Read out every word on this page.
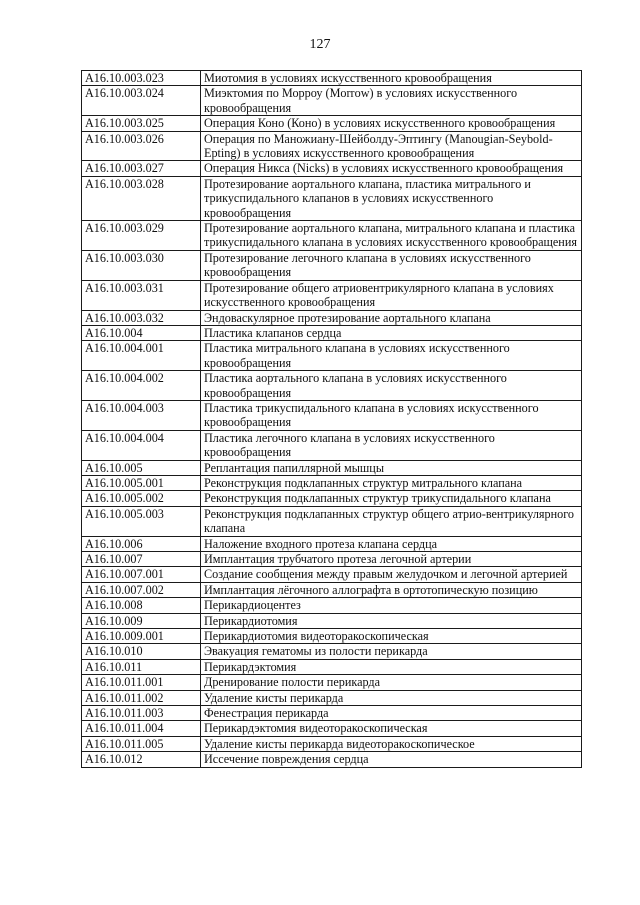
127
A16.10.003.023	Миотомия в условиях искусственного кровообращения
A16.10.003.024	Миэктомия по Морроу (Morrow) в условиях искусственного кровообращения
A16.10.003.025	Операция Коно (Коно) в условиях искусственного кровообращения
A16.10.003.026	Операция по Маножиану-Шейболду-Эптингу (Manougian-Seybold-Epting) в условиях искусственного кровообращения
A16.10.003.027	Операция Никса (Nicks) в условиях искусственного кровообращения
A16.10.003.028	Протезирование аортального клапана, пластика митрального и трикуспидального клапанов в условиях искусственного кровообращения
A16.10.003.029	Протезирование аортального клапана, митрального клапана и пластика трикуспидального клапана в условиях искусственного кровообращения
A16.10.003.030	Протезирование легочного клапана в условиях искусственного кровообращения
A16.10.003.031	Протезирование общего атриовентрикулярного клапана в условиях искусственного кровообращения
A16.10.003.032	Эндоваскулярное протезирование аортального клапана
A16.10.004	Пластика клапанов сердца
A16.10.004.001	Пластика митрального клапана в условиях искусственного кровообращения
A16.10.004.002	Пластика аортального клапана в условиях искусственного кровообращения
A16.10.004.003	Пластика трикуспидального клапана в условиях искусственного кровообращения
A16.10.004.004	Пластика легочного клапана в условиях искусственного кровообращения
A16.10.005	Реплантация папиллярной мышцы
A16.10.005.001	Реконструкция подклапанных структур митрального клапана
A16.10.005.002	Реконструкция подклапанных структур трикуспидального клапана
A16.10.005.003	Реконструкция подклапанных структур общего атрио-вентрикулярного клапана
A16.10.006	Наложение входного протеза клапана сердца
A16.10.007	Имплантация трубчатого протеза легочной артерии
A16.10.007.001	Создание сообщения между правым желудочком и легочной артерией
A16.10.007.002	Имплантация лёгочного аллографта в ортотопическую позицию
A16.10.008	Перикардиоцентез
A16.10.009	Перикардиотомия
A16.10.009.001	Перикардиотомия видеоторакоскопическая
A16.10.010	Эвакуация гематомы из полости перикарда
A16.10.011	Перикардэктомия
A16.10.011.001	Дренирование полости перикарда
A16.10.011.002	Удаление кисты перикарда
A16.10.011.003	Фенестрация перикарда
A16.10.011.004	Перикардэктомия видеоторакоскопическая
A16.10.011.005	Удаление кисты перикарда видеоторакоскопическое
A16.10.012	Иссечение повреждения сердца
